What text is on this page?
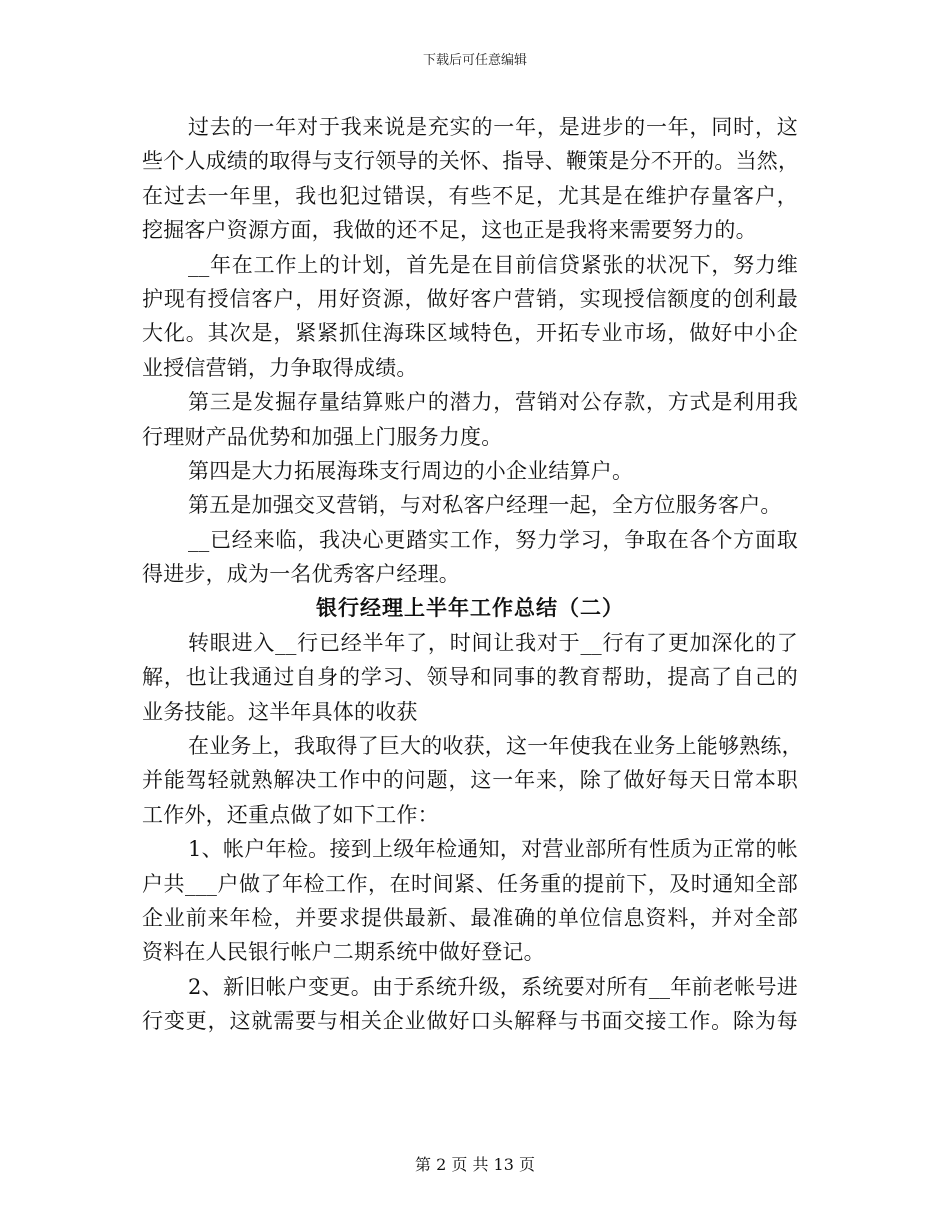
下载后可任意编辑
过去的一年对于我来说是充实的一年，是进步的一年，同时，这
些个人成绩的取得与支行领导的关怀、指导、鞭策是分不开的。当然，
在过去一年里，我也犯过错误，有些不足，尤其是在维护存量客户，
挖掘客户资源方面，我做的还不足，这也正是我将来需要努力的。
__年在工作上的计划，首先是在目前信贷紧张的状况下，努力维
护现有授信客户，用好资源，做好客户营销，实现授信额度的创利最
大化。其次是，紧紧抓住海珠区域特色，开拓专业市场，做好中小企
业授信营销，力争取得成绩。
第三是发掘存量结算账户的潜力，营销对公存款，方式是利用我
行理财产品优势和加强上门服务力度。
第四是大力拓展海珠支行周边的小企业结算户。
第五是加强交叉营销，与对私客户经理一起，全方位服务客户。
__已经来临，我决心更踏实工作，努力学习，争取在各个方面取
得进步，成为一名优秀客户经理。
银行经理上半年工作总结（二）
转眼进入__行已经半年了，时间让我对于__行有了更加深化的了
解，也让我通过自身的学习、领导和同事的教育帮助，提高了自己的
业务技能。这半年具体的收获
在业务上，我取得了巨大的收获，这一年使我在业务上能够熟练，
并能驾轻就熟解决工作中的问题，这一年来，除了做好每天日常本职
工作外，还重点做了如下工作：
1、帐户年检。接到上级年检通知，对营业部所有性质为正常的帐
户共___户做了年检工作，在时间紧、任务重的提前下，及时通知全部
企业前来年检，并要求提供最新、最准确的单位信息资料，并对全部
资料在人民银行帐户二期系统中做好登记。
2、新旧帐户变更。由于系统升级，系统要对所有__年前老帐号进
行变更，这就需要与相关企业做好口头解释与书面交接工作。除为每
第 2 页 共 13 页
